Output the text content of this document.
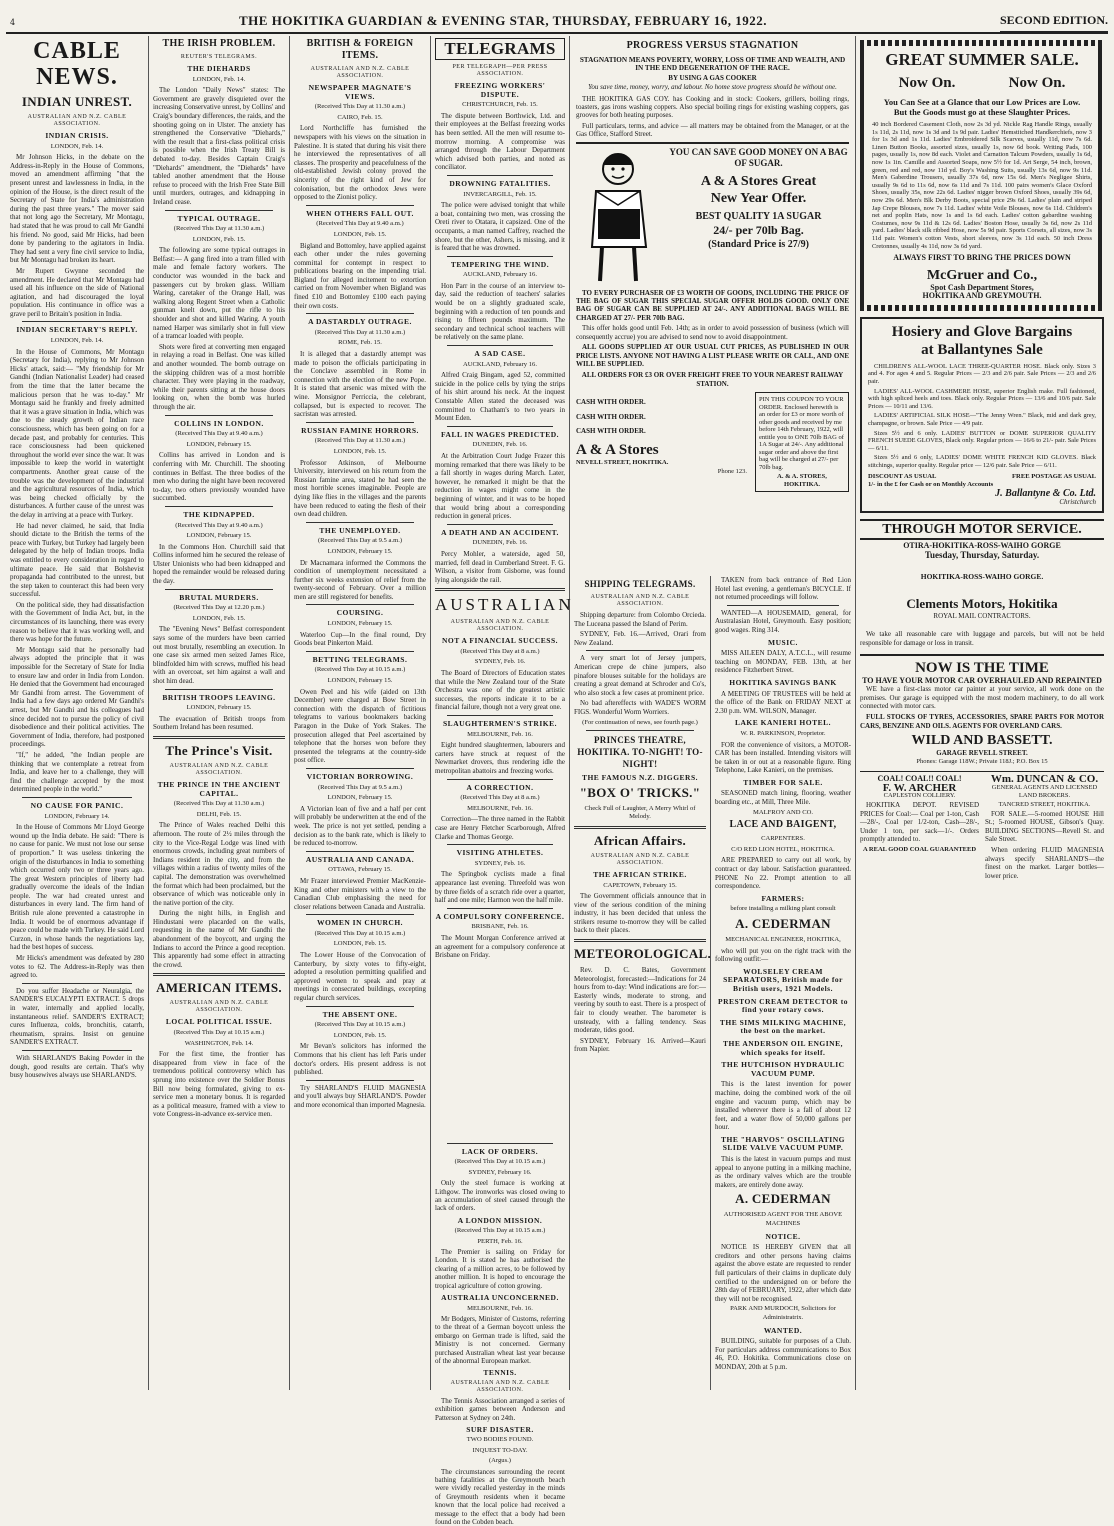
THE HOKITIKA GUARDIAN & EVENING STAR, THURSDAY, FEBRUARY 16, 1922.	SECOND EDITION.
4
CABLE NEWS.
INDIAN UNREST.
AUSTRALIAN AND N.Z. CABLE ASSOCIATION.
INDIAN CRISIS.
LONDON, Feb. 14.

Mr Johnson Hicks, in the debate on the Address-in-Reply in the House of Commons, moved an amendment affirming "that the present unrest and lawlessness in India, in the opinion of the House, is the direct result of the Secretary of State for India's administration during the past three years." The mover said that not long ago the Secretary, Mr Montagu, had stated that he was proud to call Mr Gandhi his friend. No good, said Mr Hicks, had been done by pandering to the agitators in India. They had sent a very fine civil service to India, but Mr Montagu had broken its heart.

Mr Rupert Gwynne seconded the amendment. He declared that Mr Montagu had used all his influence on the side of National agitation, and had discouraged the loyal population. His continuance in office was a grave peril to Britain's position in India.

INDIAN SECRETARY'S REPLY.
LONDON, Feb. 14.

In the House of Commons, Mr Montagu (Secretary for India), replying to Mr Johnson Hicks' attack, said:— "My friendship for Mr Gandhi (Indian Nationalist Leader) had ceased from the time that the latter became the malicious person that he was to-day." Mr Montagu said he frankly and freely admitted that it was a grave situation in India, which was due to the steady growth of Indian race consciousness, which has been going on for a decade past, and probably for centuries. This race consciousness had been quickened throughout the world ever since the war. It was impossible to keep the world in watertight compartments. Another great cause of the trouble was the development of the industrial and the agricultural resources of India, which was being checked officially by the disturbances. A further cause of the unrest was the delay in arriving at a peace with Turkey.

He had never claimed, he said, that India should dictate to the British the terms of the peace with Turkey, but Turkey had largely been delegated by the help of Indian troops. India was entitled to every consideration in regard to ultimate peace. He said that Bolshevist propaganda had contributed to the unrest, but the step taken to counteract this had been very successful.

On the political side, they had dissatisfaction with the Government of India Act, but, in the circumstances of its launching, there was every reason to believe that it was working well, and there was hope for the future.

Mr Montagu said that he personally had always adopted the principle that it was impossible for the Secretary of State for India to ensure law and order in India from London. He denied that the Government had encouraged Mr Gandhi from arrest. The Government of India had a few days ago ordered Mr Gandhi's arrest, but Mr Gandhi and his colleagues had since decided not to pursue the policy of civil disobedience and their political activities. The Government of India, therefore, had postponed proceedings.

"If," he added, "the Indian people are thinking that we contemplate a retreat from India, and leave her to a challenge, they will find the challenge accepted by the most determined people in the world."

NO CAUSE FOR PANIC.
LONDON, February 14.

In the House of Commons Mr Lloyd George wound up the India debate. He said: "There is no cause for panic. We must not lose our sense of proportion." It was useless tinkering the origin of the disturbances in India to something which occurred only two or three years ago. The great Western principles of liberty had gradually overcome the ideals of the Indian people. The war had created unrest and disturbances in every land. The firm hand of British rule alone prevented a catastrophe in India. It would be of enormous advantage if peace could be made with Turkey. He said Lord Curzon, in whose hands the negotiations lay, had the best hopes of success.

Mr Hicks's amendment was defeated by 280 votes to 62. The Address-in-Reply was then agreed to.

Do you suffer Headache or Neuralgia, the SANDER'S EUCALYPTI EXTRACT. 5 drops in water, internally and applied locally, instantaneous relief. SANDER'S EXTRACT; cures Influenza, colds, bronchitis, catarrh, rheumatism, sprains. Insist on genuine SANDER'S EXTRACT.

With SHARLAND'S Baking Powder in the dough, good results are certain. That's why busy housewives always use SHARLAND'S.

THE IRISH PROBLEM.
REUTER'S TELEGRAMS.
THE DIEHARDS
LONDON, Feb. 14.

The London "Daily News" states: The Government are gravely disquieted over the increasing Conservative unrest, by Collins' and Craig's boundary differences, the raids, and the shooting going on in Ulster. The anxiety has strengthened the Conservative "Diehards," with the result that a first-class political crisis is possible when the Irish Treaty Bill is debated to-day. Besides Captain Craig's "Diehards" amendment, the "Diehards" have tabled another amendment that the House refuse to proceed with the Irish Free State Bill until murders, outrages, and kidnapping in Ireland cease.

TYPICAL OUTRAGE.
(Received This Day at 11.30 a.m.)
LONDON, Feb. 15.

The following are some typical outrages in Belfast:— A gang fired into a tram filled with male and female factory workers. The conductor was wounded in the back and passengers cut by broken glass. William Waring, caretaker of the Orange Hall, was walking along Regent Street when a Catholic gunman knelt down, put the rifle to his shoulder and shot and killed Waring. A youth named Harper was similarly shot in full view of a tramcar loaded with people.

Shots were fired at converting men engaged in relaying a road in Belfast. One was killed and another wounded. The bomb outrage on the skipping children was of a most horrible character. They were playing in the roadway, while their parents sitting at the house doors looking on, when the bomb was hurled through the air.

COLLINS IN LONDON.
(Received This Day at 9.40 a.m.)
LONDON, February 15.

Collins has arrived in London and is conferring with Mr. Churchill. The shooting continues in Belfast. The three bodies of the men who during the night have been recovered to-day, two others previously wounded have succumbed.

THE KIDNAPPED.
(Received This Day at 9.40 a.m.)
LONDON, February 15.

In the Commons Hon. Churchill said that Collins informed him he secured the release of Ulster Unionists who had been kidnapped and hoped the remainder would be released during the day.

BRUTAL MURDERS.
(Received This Day at 12.20 p.m.)
LONDON, Feb. 15.

The "Evening News" Belfast correspondent says some of the murders have been carried out most brutally, resembling an execution. In one case six armed men seized James Rice, blindfolded him with screws, muffled his head with an overcoat, set him against a wall and shot him dead.

BRITISH TROOPS LEAVING.
LONDON, February 15.

The evacuation of British troops from Southern Ireland has been resumed.

The Prince's Visit.
AUSTRALIAN AND N.Z. CABLE ASSOCIATION.
THE PRINCE IN THE ANCIENT CAPITAL.
(Received This Day at 11.30 a.m.)
DELHI, Feb. 15.

The Prince of Wales reached Delhi this afternoon. The route of 2½ miles through the city to the Vice-Regal Lodge was lined with enormous crowds, including great numbers of Indians resident in the city, and from the villages within a radius of twenty miles of the capital. The demonstration was overwhelmed the format which had been proclaimed, but the observance of which was noticeable only in the native portion of the city.

During the night hills, in English and Hindustani were placarded on the walls, requesting in the name of Mr Gandhi the abandonment of the boycott, and urging the Indians to accord the Prince a good reception. This apparently had some effect in attracting the crowd.

AMERICAN ITEMS.
AUSTRALIAN AND N.Z. CABLE ASSOCIATION.
LOCAL POLITICAL ISSUE.
(Received This Day at 10.15 a.m.)
WASHINGTON, Feb. 14.

For the first time, the frontier has disappeared from view in face of the tremendous political controversy which has sprung into existence over the Soldier Bonus Bill now being formulated, giving to ex-service men a monetary bonus. It is regarded as a political measure, framed with a view to vote Congress-in-advance ex-service men.

BRITISH & FOREIGN ITEMS.
AUSTRALIAN AND N.Z. CABLE ASSOCIATION.
NEWSPAPER MAGNATE'S VIEWS.
(Received This Day at 11.30 a.m.)
CAIRO, Feb. 15.

Lord Northcliffe has furnished the newspapers with his views on the situation in Palestine. It is stated that during his visit there he interviewed the representatives of all classes. The prosperity and peacefulness of the old-established Jewish colony proved the sincerity of the right kind of Jew for colonisation, but the orthodox Jews were opposed to the Zionist policy.

WHEN OTHERS FALL OUT.
(Received This Day at 9.40 a.m.)
LONDON, Feb. 15.

Bigland and Bottomley, have applied against each other under the rules governing committal for contempt in respect to publications bearing on the impending trial. Bigland for alleged incitement to extortion carried on from November when Bigland was fined £10 and Bottomley £100 each paying their own costs.

A DASTARDLY OUTRAGE.
(Received This Day at 11.30 a.m.)
ROME, Feb. 15.

It is alleged that a dastardly attempt was made to poison the officials participating in the Conclave assembled in Rome in connection with the election of the new Pope. It is stated that arsenic was mixed with the wine. Monsignor Perriccia, the celebrant, collapsed, but is expected to recover. The sacristan was arrested.

RUSSIAN FAMINE HORRORS.
(Received This Day at 11.30 a.m.)
LONDON, Feb. 15.

Professor Atkinson, of Melbourne University, interviewed on his return from the Russian famine area, stated he had seen the most horrible scenes imaginable. People are dying like flies in the villages and the parents have been reduced to eating the flesh of their own dead children.

THE UNEMPLOYED.
(Received This Day at 9.5 a.m.)
LONDON, February 15.

Dr Macnamara informed the Commons the condition of unemployment necessitated a further six weeks extension of relief from the twenty-second of February. Over a million men are still registered for benefits.

COURSING.
LONDON, February 15.

Waterloo Cup—In the final round, Dry Goods beat Pinkerton Maid.

BETTING TELEGRAMS.
(Received This Day at 10.15 a.m.)
LONDON, February 15.

Owen Peel and his wife (aided on 13th December) were charged at Bow Street in connection with the dispatch of fictitious telegrams to various bookmakers backing Paragon in the Duke of York Stakes. The prosecution alleged that Peel ascertained by telephone that the horses won before they presented the telegrams at the country-side post office.

VICTORIAN BORROWING.
(Received This Day at 9.5 a.m.)
LONDON, February 15.

A Victorian loan of five and a half per cent will probably be underwritten at the end of the week. The price is not yet settled, pending a decision as to the bank rate, which is likely to be reduced to-morrow.

AUSTRALIA AND CANADA.
OTTAWA, February 15.

Mr Frazer interviewed Premier MacKenzie-King and other ministers with a view to the Canadian Club emphasising the need for closer relations between Canada and Australia.

WOMEN IN CHURCH.
(Received This Day at 10.15 a.m.)
LONDON, Feb. 15.

The Lower House of the Convocation of Canterbury, by sixty votes to fifty-eight, adopted a resolution permitting qualified and approved women to speak and pray at meetings in consecrated buildings, excepting regular church services.

THE ABSENT ONE.
(Received This Day at 10.15 a.m.)
LONDON, Feb. 15.

Mr Bevan's solicitors has informed the Commons that his client has left Paris under doctor's orders. His present address is not published.

Try SHARLAND'S FLUID MAGNESIA and you'll always buy SHARLAND'S. Powder and more economical than imported Magnesia.

TELEGRAMS
PER TELEGRAPH—PER PRESS ASSOCIATION.
FREEZING WORKERS' DISPUTE.
CHRISTCHURCH, Feb. 15.

The dispute between Borthwick, Ltd. and their employees at the Belfast freezing works has been settled. All the men will resume to-morrow morning. A compromise was arranged through the Labour Department which advised both parties, and noted as conciliator.

DROWNING FATALITIES.
INVERCARGILL, Feb. 15.

The police were advised tonight that while a boat, containing two men, was crossing the Oreti river to Otatara, it capsized. One of the occupants, a man named Caffrey, reached the shore, but the other, Ashers, is missing, and it is feared that he was drowned.

TEMPERING THE WIND.
AUCKLAND, February 16.

Hon Parr in the course of an interview to-day, said the reduction of teachers' salaries would be on a slightly graduated scale, beginning with a reduction of ten pounds and rising to fifteen pounds maximum. The secondary and technical school teachers will be relatively on the same plane.

A SAD CASE.
AUCKLAND, February 16.

Alfred Craig Bingam, aged 52, committed suicide in the police cells by tying the strips of his shirt around his neck. At the inquest Constable Allen stated the deceased was committed to Chatham's to two years in Mount Eden.

FALL IN WAGES PREDICTED.
DUNEDIN, Feb. 16.

At the Arbitration Court Judge Frazer this morning remarked that there was likely to be a fall shortly in wages during March. Later, however, he remarked it might be that the reduction in wages might come in the beginning of winter, and it was to be hoped that would bring about a corresponding reduction in general prices.

A DEATH AND AN ACCIDENT.
DUNEDIN, Feb. 16.

Percy Mohler, a waterside, aged 50, married, fell dead in Cumberland Street. F. G. Wilson, a visitor from Gisborne, was found lying alongside the rail.

AUSTRALIAN
AUSTRALIAN AND N.Z. CABLE ASSOCIATION.
NOT A FINANCIAL SUCCESS.
(Received This Day at 8 a.m.)
SYDNEY, Feb. 16.

The Board of Directors of Education states that while the New Zealand tour of the State Orchestra was one of the greatest artistic successes, the reports indicate it to be a financial failure, though not a very great one.

SLAUGHTERMEN'S STRIKE.
MELBOURNE, Feb. 16.

Eight hundred slaughtermen, labourers and carters have struck at request of the Newmarket drovers, thus rendering idle the metropolitan abattoirs and freezing works.

A CORRECTION.
(Received This Day at 8 a.m.)
MELBOURNE, Feb. 16.

Correction—The three named in the Rabbit case are Henry Fletcher Scarborough, Alfred Clarke and Thomas George.

VISITING ATHLETES.
SYDNEY, Feb. 16.

The Springbok cyclists made a final appearance last evening. Threefold was won by three fields of a scratch ride over a quarter, half and one mile; Harmon won the half mile.

A COMPULSORY CONFERENCE.
BRISBANE, Feb. 16.

The Mount Morgan Conference arrived at an agreement for a compulsory conference at Brisbane on Friday.

PROGRESS VERSUS STAGNATION
STAGNATION MEANS POVERTY, WORRY, LOSS OF TIME AND WEALTH, AND IN THE END DEGENERATION OF THE RACE.
BY USING A GAS COOKER
You save time, money, worry, and labour. No home stove progress should be without one.

THE HOKITIKA GAS COY. has Cooking and in stock: Cookers, grillers, boiling rings, toasters, gas irons washing coppers. Also special boiling rings for existing washing coppers, gas grooves for both heating purposes.

Full particulars, terms, and advice — all matters may be obtained from the Manager, or at the Gas Office, Stafford Street.

YOU CAN SAVE GOOD MONEY ON A BAG OF SUGAR.
A & A Stores Great
New Year Offer.
BEST QUALITY 1A SUGAR
24/- per 70lb Bag.
(Standard Price is 27/9)

TO EVERY PURCHASER OF £3 WORTH OF GOODS, INCLUDING THE PRICE OF THE BAG OF SUGAR THIS SPECIAL SUGAR OFFER HOLDS GOOD. ONLY ONE BAG OF SUGAR CAN BE SUPPLIED AT 24/-. ANY ADDITIONAL BAGS WILL BE CHARGED AT 27/- PER 70lb BAG.

This offer holds good until Feb. 14th; as in order to avoid possession of business (which will consequently accrue) you are advised to send now to avoid disappointment.

ALL GOODS SUPPLIED AT OUR USUAL CUT PRICES, AS PUBLISHED IN OUR PRICE LISTS. ANYONE NOT HAVING A LIST PLEASE WRITE OR CALL, AND ONE WILL BE SUPPLIED.

ALL ORDERS FOR £3 OR OVER FREIGHT FREE TO YOUR NEAREST RAILWAY STATION.
CASH WITH ORDER.
CASH WITH ORDER.
CASH WITH ORDER.
A & A Stores
NEVELL STREET, HOKITIKA.
Phone 123.
PIN THIS COUPON TO YOUR ORDER. Enclosed herewith is an order for £3 or more worth of other goods and received by me before 14th February, 1922, will entitle you to ONE 70lb BAG of 1A Sugar at 24/-. Any additional sugar order and above the first bag will be charged at 27/- per 70lb bag.
A. & A. STORES, HOKITIKA.
SHIPPING TELEGRAMS.
AUSTRALIAN AND N.Z. CABLE ASSOCIATION.

Shipping departure: from Colombo Orcieda. The Luceana passed the Island of Perim.

SYDNEY, Feb. 16.—Arrived, Orari from New Zealand.

A very smart lot of Jersey jumpers, American crepe de chine jumpers, also pinafore blouses suitable for the holidays are creating a great demand at Schroder and Co's, who also stock a few cases at prominent price.

No bad aftereffects with WADE'S WORM FIGS. Wonderful Worm Worriers.

(For continuation of news, see fourth page.)
PRINCES THEATRE, HOKITIKA. TO-NIGHT! TO-NIGHT!
THE FAMOUS N.Z. DIGGERS.
"BOX O' TRICKS."
Check Full of Laughter, A Merry Whirl of Melody.
African Affairs.
AUSTRALIAN AND N.Z. CABLE ASSOCIATION.
THE AFRICAN STRIKE.
CAPETOWN, February 15.

The Government officials announce that in view of the serious condition of the mining industry, it has been decided that unless the strikers resume to-morrow they will be called back to their places.

METEOROLOGICAL.

Rev. D. C. Bates, Government Meteorologist, forecasted:—Indications for 24 hours from to-day: Wind indications are for:—Easterly winds, moderate to strong, and veering by south to east. There is a prospect of fair to cloudy weather. The barometer is unsteady, with a falling tendency. Seas moderate, tides good.

SYDNEY, February 16. Arrived—Kauri from Napier.

TAKEN from back entrance of Red Lion Hotel last evening, a gentleman's BICYCLE. If not returned proceedings will follow.

WANTED—A HOUSEMAID, general, for Australasian Hotel, Greymouth. Easy position; good wages. Ring 314.

MUSIC.

MISS AILEEN DALY, A.T.C.L., will resume teaching on MONDAY, FEB. 13th, at her residence Fitzherbert Street.

HOKITIKA SAVINGS BANK

A MEETING OF TRUSTEES will be held at the office of the Bank on FRIDAY NEXT at 2.30 p.m. WM. WILSON, Manager.

LAKE KANIERI HOTEL.
W. R. PARKINSON, Proprietor.

FOR the convenience of visitors, a MOTOR-CAR has been installed. Intending visitors will be taken in or out at a reasonable figure. Ring Telephone, Lake Kanieri, on the premises.

TIMBER FOR SALE.

SEASONED match lining, flooring, weather boarding etc., at Mill, Three Mile.

MALFROY AND CO.
LACE AND BAIGENT,
CARPENTERS.
C/O RED LION HOTEL, HOKITIKA.

ARE PREPARED to carry out all work, by contract or day labour. Satisfaction guaranteed. PHONE No 22. Prompt attention to all correspondence.

FARMERS:
before installing a milking plant consult
A. CEDERMAN
MECHANICAL ENGINEER, HOKITIKA,

who will put you on the right track with the following outfit:—

WOLSELEY CREAM SEPARATORS, British made for British users, 1921 Models.
PRESTON CREAM DETECTOR to find your rotary cows.
THE SIMS MILKING MACHINE, the best on the market.
THE ANDERSON OIL ENGINE, which speaks for itself.
THE HUTCHISON HYDRAULIC VACUUM PUMP.

This is the latest invention for power machine, doing the combined work of the oil engine and vacuum pump, which may be installed wherever there is a fall of about 12 feet, and a water flow of 50,000 gallons per hour.

THE "HARVOS" OSCILLATING SLIDE VALVE VACUUM PUMP.

This is the latest in vacuum pumps and must appeal to anyone putting in a milking machine, as the ordinary valves which are the trouble makers, are entirely done away.

A. CEDERMAN
AUTHORISED AGENT FOR THE ABOVE MACHINES
NOTICE.

NOTICE IS HEREBY GIVEN that all creditors and other persons having claims against the above estate are requested to render full particulars of their claims in duplicate duly certified to the undersigned on or before the 28th day of FEBRUARY, 1922, after which date they will not be recognised.

PARK AND MURDOCH, Solicitors for Administratrix.
WANTED.

BUILDING, suitable for purposes of a Club. For particulars address communications to Box 46, P.O. Hokitika. Communications close on MONDAY, 20th at 5 p.m.

LACK OF ORDERS.
(Received This Day at 10.15 a.m.)
SYDNEY, February 16.

Only the steel furnace is working at Lithgow. The ironworks was closed owing to an accumulation of steel caused through the lack of orders.

A LONDON MISSION.
(Received This Day at 10.15 a.m.)
PERTH, Feb. 16.

The Premier is sailing on Friday for London. It is stated he has authorised the clearing of a million acres, to be followed by another million. It is hoped to encourage the tropical agriculture of cotton growing.

AUSTRALIA UNCONCERNED.
MELBOURNE, Feb. 16.

Mr Bodgers, Minister of Customs, referring to the threat of a German boycott unless the embargo on German trade is lifted, said the Ministry is not concerned. Germany purchased Australian wheat last year because of the abnormal European market.

TENNIS.
AUSTRALIAN AND N.Z. CABLE ASSOCIATION.

The Tennis Association arranged a series of exhibition games between Anderson and Patterson at Sydney on 24th.

SURF DISASTER.
TWO BODIES FOUND.
INQUEST TO-DAY.
(Argus.)

The circumstances surrounding the recent bathing fatalities at the Greymouth beach were vividly recalled yesterday in the minds of Greymouth residents when it became known that the local police had received a message to the effect that a body had been found on the Cobden beach.

GREAT SUMMER SALE.
Now On.	Now On.
You Can See at a Glance that our Low Prices are Low.
But the Goods must go at these Slaughter Prices.

40 inch Bordered Casement Cloth, now 2s 3d yd. Nickle Rag Handle Rings, usually 1s 11d, 2s 11d, now 1s 3d and 1s 9d pair. Ladies' Hemstitched Handkerchiefs, now 3 for 1s 3d and 1s 11d. Ladies' Embroidered Silk Scarves, usually 11d, now 7s 6d. Linen Button Books, assorted sizes, usually 1s, now 6d book. Writing Pads, 100 pages, usually 1s, now 8d each. Violet and Carnation Talcum Powders, usually 1s 6d, now 1s 1in. Camille and Assorted Soaps, now 5½ for 1d. Art Serge, 54 inch, brown, green, red and red, now 11d yd. Boy's Washing Suits, usually 13s 6d, now 9s 11d. Men's Gaberdine Trousers, usually 37s 6d, now 15s 6d. Men's Negligee Shirts, usually 9s 6d to 11s 6d, now 6s 11d and 7s 11d. 100 pairs women's Glace Oxford Shoes, usually 35s, now 22s 6d. Ladies' nigger brown Oxford Shoes, usually 39s 6d, now 29s 6d. Men's Blk Derby Boots, special price 29s 6d. Ladies' plain and striped Jap Crepe Blouses, now 7s 11d. Ladies' white Voile Blouses, now 6s 11d. Children's net and poplin Hats, now 1s and 1s 6d each. Ladies' cotton gabardine washing Costumes, now 9s 11d & 12s 6d. Ladies' Boston Hose, usually 3s 6d, now 2s 11d yard. Ladies' black silk ribbed Hose, now 5s 9d pair. Sports Corsets, all sizes, now 3s 11d pair. Women's cotton Vests, short sleeves, now 3s 11d each. 50 inch Dress Cretonnes, usually 4s 11d, now 3s 6d yard.

ALWAYS FIRST TO BRING THE PRICES DOWN
McGruer and Co.,
Spot Cash Department Stores,
HOKITIKA AND GREYMOUTH.
Hosiery and Glove Bargains
at Ballantynes Sale

CHILDREN'S ALL-WOOL LACE THREE-QUARTER HOSE. Black only. Sizes 3 and 4. For ages 4 and 5. Regular Prices — 2/3 and 2/6 pair. Sale Prices — 2/3 and 2/6 pair.

LADIES' ALL-WOOL CASHMERE HOSE, superior English make. Full fashioned, with high spliced heels and toes. Black only. Regular Prices — 13/6 and 10/6 pair. Sale Prices — 10/11 and 13/6.

LADIES' ARTIFICIAL SILK HOSE—"The Jenny Wren." Black, mid and dark grey, champagne, or brown. Sale Price — 4/9 pair.

Sizes 5½ and 6 only. LADIES' BUTTON or DOME SUPERIOR QUALITY FRENCH SUEDE GLOVES, Black only. Regular prices — 16/6 to 21/- pair. Sale Prices — 6/11.

Sizes 5½ and 6 only, LADIES' DOME WHITE FRENCH KID GLOVES. Black stitchings, superior quality. Regular price — 12/6 pair. Sale Price — 6/11.

DISCOUNT AS USUAL	FREE POSTAGE AS USUAL
1/- in the £ for Cash or on Monthly Accounts
J. Ballantyne & Co. Ltd.
Christchurch
THROUGH MOTOR SERVICE.
OTIRA-HOKITIKA-ROSS-WAIHO GORGE
Tuesday, Thursday, Saturday.
HOKITIKA-ROSS-WAIHO GORGE.
Clements Motors, Hokitika
ROYAL MAIL CONTRACTORS.

We take all reasonable care with luggage and parcels, but will not be held responsible for damage or loss in transit.

NOW IS THE TIME
TO HAVE YOUR MOTOR CAR OVERHAULED AND REPAINTED

WE have a first-class motor car painter at your service, all work done on the premises. Our garage is equipped with the most modern machinery, to do all work connected with motor cars.

FULL STOCKS OF TYRES, ACCESSORIES, SPARE PARTS FOR MOTOR CARS, BENZINE AND OILS. AGENTS FOR OVERLAND CARS.

WILD AND BASSETT.
GARAGE REVELL STREET.
Phones: Garage 118W.; Private 118J.; P.O. Box 15
COAL! COAL!! COAL!
F. W. ARCHER
CAPLESTON COLLIERY.

HOKITIKA DEPOT. REVISED PRICES for Coal:— Coal per 1-ton, Cash—28/-, Coal per 1/2-ton, Cash—28/-, Under 1 ton, per sack—1/-. Orders promptly attended to.

A REAL GOOD COAL GUARANTEED
Wm. DUNCAN & CO.
GENERAL AGENTS AND LICENSED LAND BROKERS.
TANCRED STREET, HOKITIKA.

FOR SALE.—5-roomed HOUSE Hill St.; 5-roomed HOUSE, Gibson's Quay. BUILDING SECTIONS—Revell St. and Sale Street.

When ordering FLUID MAGNESIA always specify SHARLAND'S—the finest on the market. Larger bottles—lower price.
